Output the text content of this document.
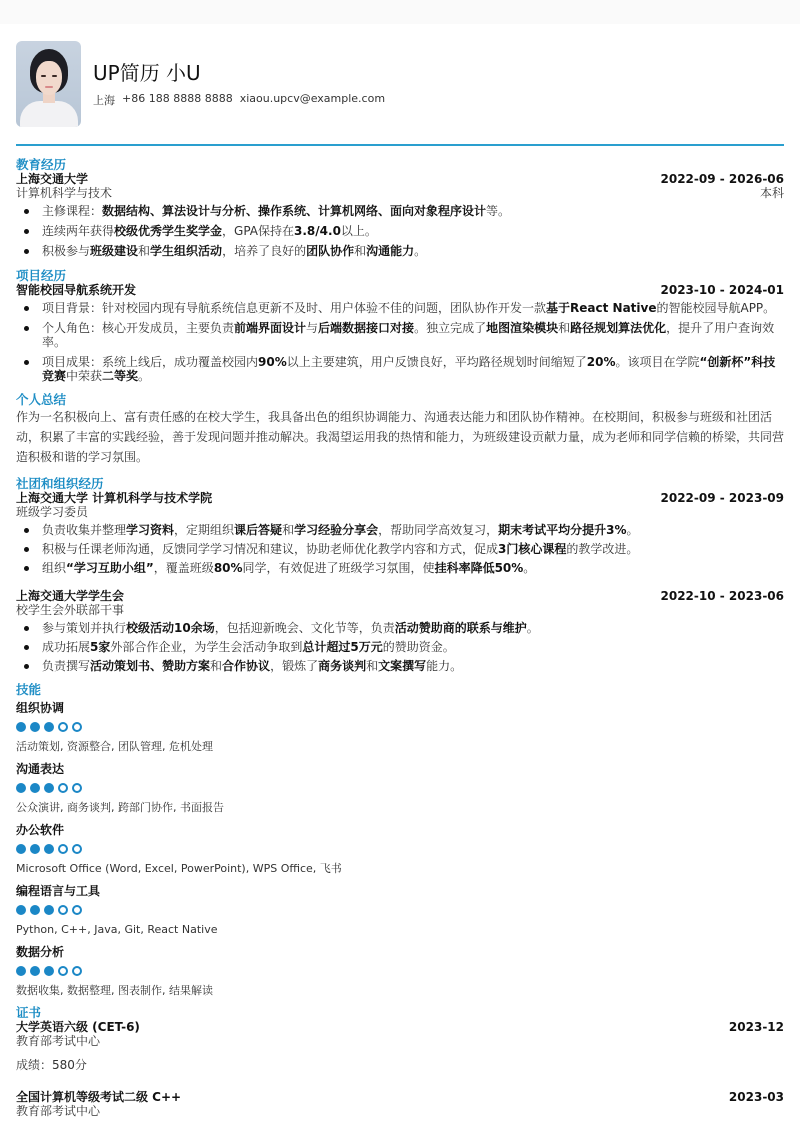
UP简历 小U
上海 +86 188 8888 8888 xiaou.upcv@example.com
教育经历
上海交通大学	2022-09 - 2026-06
计算机科学与技术	本科
主修课程：数据结构、算法设计与分析、操作系统、计算机网络、面向对象程序设计等。
连续两年获得校级优秀学生奖学金，GPA保持在3.8/4.0以上。
积极参与班级建设和学生组织活动，培养了良好的团队协作和沟通能力。
项目经历
智能校园导航系统开发	2023-10 - 2024-01
项目背景：针对校园内现有导航系统信息更新不及时、用户体验不佳的问题，团队协作开发一款基于React Native的智能校园导航APP。
个人角色：核心开发成员，主要负责前端界面设计与后端数据接口对接。独立完成了地图渲染模块和路径规划算法优化，提升了用户查询效率。
项目成果：系统上线后，成功覆盖校园内90%以上主要建筑，用户反馈良好，平均路径规划时间缩短了20%。该项目在学院“创新杯”科技竞赛中荣获二等奖。
个人总结
作为一名积极向上、富有责任感的在校大学生，我具备出色的组织协调能力、沟通表达能力和团队协作精神。在校期间，积极参与班级和社团活动，积累了丰富的实践经验，善于发现问题并推动解决。我渴望运用我的热情和能力，为班级建设贡献力量，成为老师和同学信赖的桥梁，共同营造积极和谐的学习氛围。
社团和组织经历
上海交通大学 计算机科学与技术学院	2022-09 - 2023-09
班级学习委员
负责收集并整理学习资料，定期组织课后答疑和学习经验分享会，帮助同学高效复习，期末考试平均分提升3%。
积极与任课老师沟通，反馈同学学习情况和建议，协助老师优化教学内容和方式，促成3门核心课程的教学改进。
组织“学习互助小组”，覆盖班级80%同学，有效促进了班级学习氛围，使挂科率降低50%。
上海交通大学学生会	2022-10 - 2023-06
校学生会外联部干事
参与策划并执行校级活动10余场，包括迎新晚会、文化节等，负责活动赞助商的联系与维护。
成功拓展5家外部合作企业，为学生会活动争取到总计超过5万元的赞助资金。
负责撰写活动策划书、赞助方案和合作协议，锻炼了商务谈判和文案撰写能力。
技能
组织协调
活动策划, 资源整合, 团队管理, 危机处理
沟通表达
公众演讲, 商务谈判, 跨部门协作, 书面报告
办公软件
Microsoft Office (Word, Excel, PowerPoint), WPS Office, 飞书
编程语言与工具
Python, C++, Java, Git, React Native
数据分析
数据收集, 数据整理, 图表制作, 结果解读
证书
大学英语六级 (CET-6)	2023-12
教育部考试中心
成绩：580分
全国计算机等级考试二级 C++	2023-03
教育部考试中心
